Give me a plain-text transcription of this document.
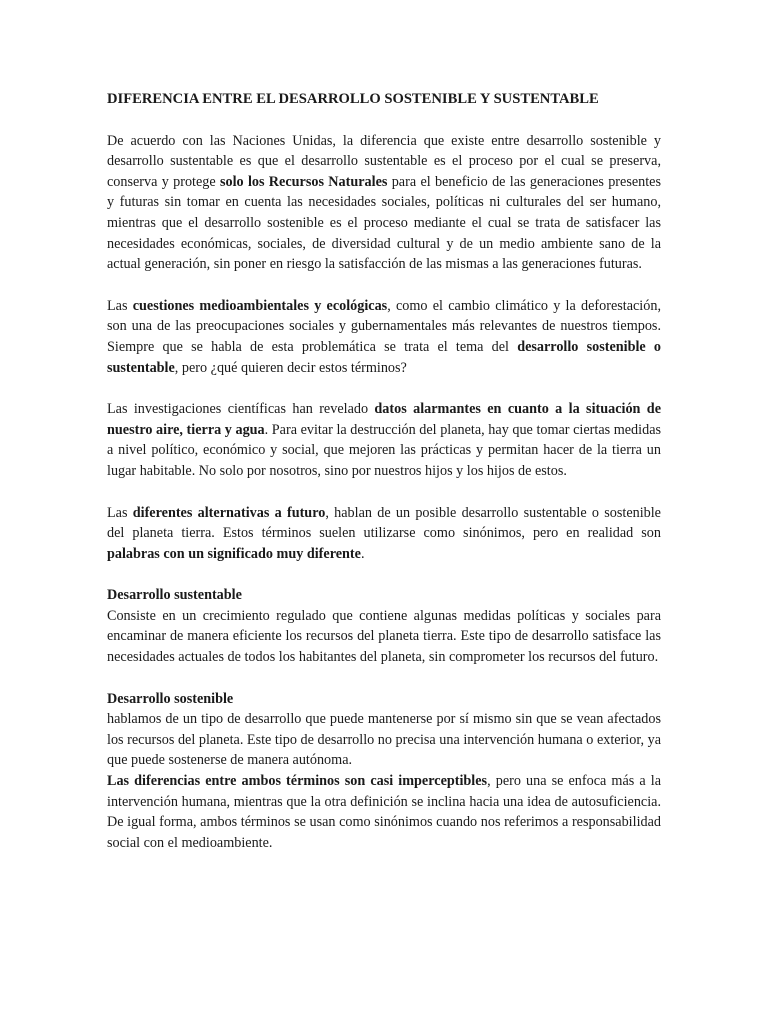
DIFERENCIA ENTRE EL DESARROLLO SOSTENIBLE Y SUSTENTABLE

De acuerdo con las Naciones Unidas, la diferencia que existe entre desarrollo sostenible y desarrollo sustentable es que el desarrollo sustentable es el proceso por el cual se preserva, conserva y protege solo los Recursos Naturales para el beneficio de las generaciones presentes y futuras sin tomar en cuenta las necesidades sociales, políticas ni culturales del ser humano, mientras que el desarrollo sostenible es el proceso mediante el cual se trata de satisfacer las necesidades económicas, sociales, de diversidad cultural y de un medio ambiente sano de la actual generación, sin poner en riesgo la satisfacción de las mismas a las generaciones futuras.

Las cuestiones medioambientales y ecológicas, como el cambio climático y la deforestación, son una de las preocupaciones sociales y gubernamentales más relevantes de nuestros tiempos. Siempre que se habla de esta problemática se trata el tema del desarrollo sostenible o sustentable, pero ¿qué quieren decir estos términos?

Las investigaciones científicas han revelado datos alarmantes en cuanto a la situación de nuestro aire, tierra y agua. Para evitar la destrucción del planeta, hay que tomar ciertas medidas a nivel político, económico y social, que mejoren las prácticas y permitan hacer de la tierra un lugar habitable. No solo por nosotros, sino por nuestros hijos y los hijos de estos.

Las diferentes alternativas a futuro, hablan de un posible desarrollo sustentable o sostenible del planeta tierra. Estos términos suelen utilizarse como sinónimos, pero en realidad son palabras con un significado muy diferente.

Desarrollo sustentable

Consiste en un crecimiento regulado que contiene algunas medidas políticas y sociales para encaminar de manera eficiente los recursos del planeta tierra. Este tipo de desarrollo satisface las necesidades actuales de todos los habitantes del planeta, sin comprometer los recursos del futuro.

Desarrollo sostenible

hablamos de un tipo de desarrollo que puede mantenerse por sí mismo sin que se vean afectados los recursos del planeta. Este tipo de desarrollo no precisa una intervención humana o exterior, ya que puede sostenerse de manera autónoma.

Las diferencias entre ambos términos son casi imperceptibles, pero una se enfoca más a la intervención humana, mientras que la otra definición se inclina hacia una idea de autosuficiencia. De igual forma, ambos términos se usan como sinónimos cuando nos referimos a responsabilidad social con el medioambiente.
